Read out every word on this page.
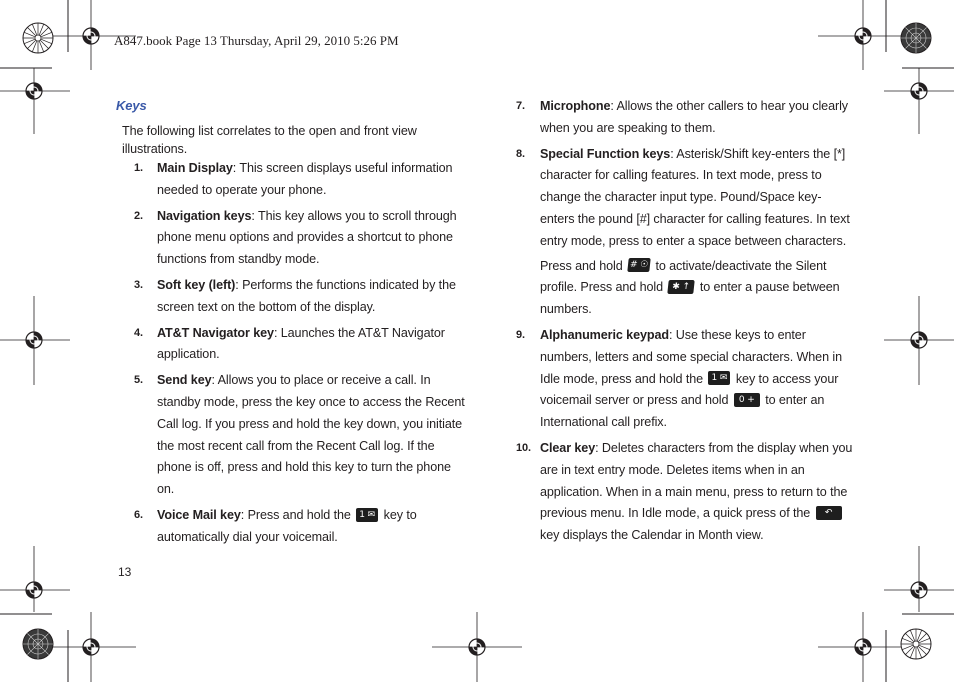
A847.book Page 13 Thursday, April 29, 2010 5:26 PM
Keys
The following list correlates to the open and front view illustrations.
1. Main Display: This screen displays useful information needed to operate your phone.
2. Navigation keys: This key allows you to scroll through phone menu options and provides a shortcut to phone functions from standby mode.
3. Soft key (left): Performs the functions indicated by the screen text on the bottom of the display.
4. AT&T Navigator key: Launches the AT&T Navigator application.
5. Send key: Allows you to place or receive a call. In standby mode, press the key once to access the Recent Call log. If you press and hold the key down, you initiate the most recent call from the Recent Call log. If the phone is off, press and hold this key to turn the phone on.
6. Voice Mail key: Press and hold the 1 ✉ key to automatically dial your voicemail.
7. Microphone: Allows the other callers to hear you clearly when you are speaking to them.
8. Special Function keys: Asterisk/Shift key-enters the [*] character for calling features. In text mode, press to change the character input type. Pound/Space key-enters the pound [#] character for calling features. In text entry mode, press to enter a space between characters.
Press and hold # ☉ to activate/deactivate the Silent profile. Press and hold ✱ ↑ to enter a pause between numbers.
9. Alphanumeric keypad: Use these keys to enter numbers, letters and some special characters. When in Idle mode, press and hold the 1 ✉ key to access your voicemail server or press and hold 0 + to enter an International call prefix.
10. Clear key: Deletes characters from the display when you are in text entry mode. Deletes items when in an application. When in a main menu, press to return to the previous menu. In Idle mode, a quick press of the ↶ key displays the Calendar in Month view.
13
